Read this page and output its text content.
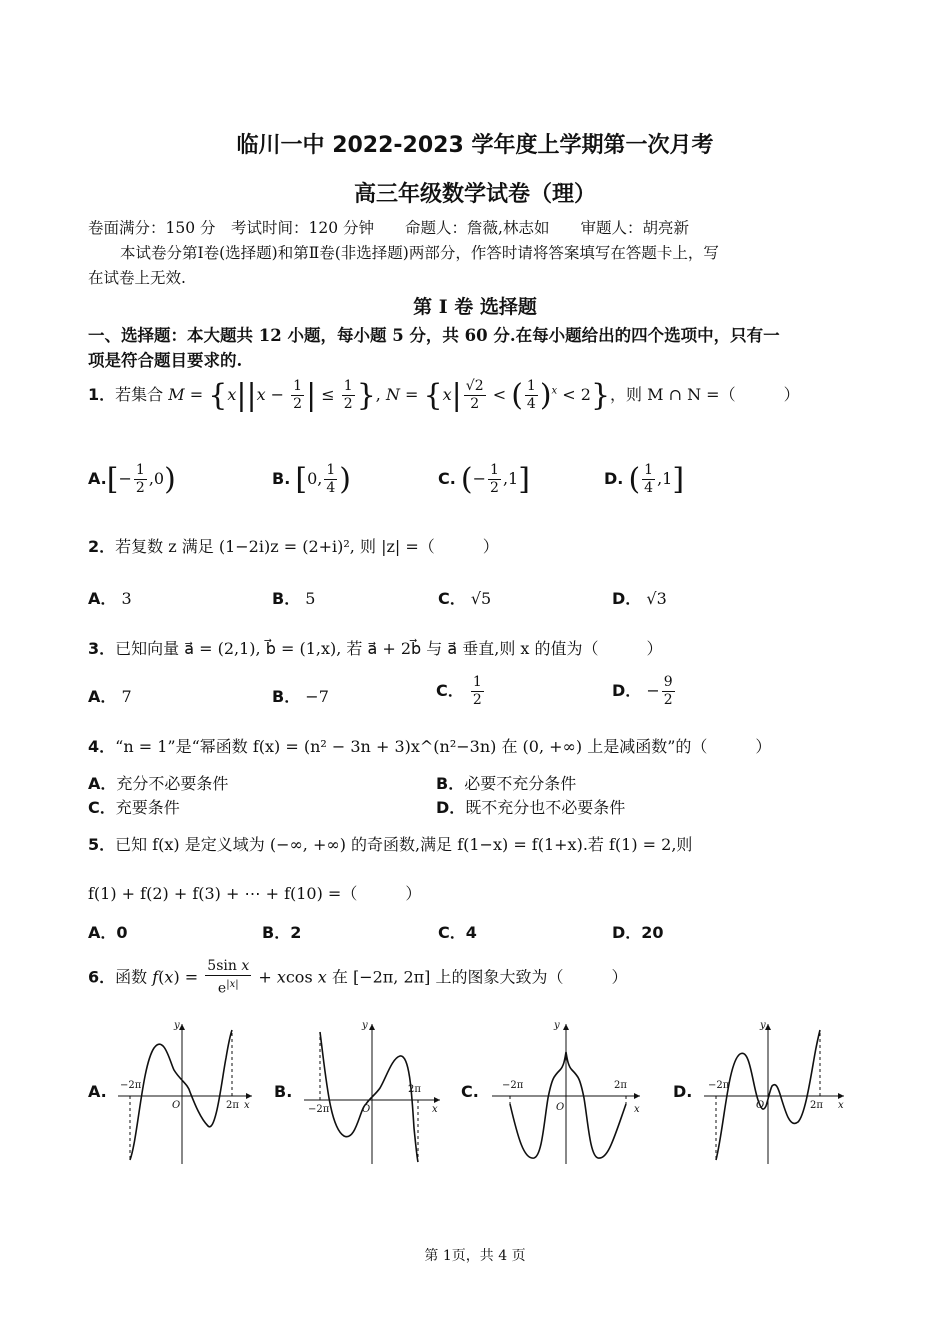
临川一中 2022-2023 学年度上学期第一次月考
高三年级数学试卷（理）
卷面满分：150 分　考试时间：120 分钟　　命题人：詹薇,林志如　　审题人：胡亮新
本试卷分第Ⅰ卷(选择题)和第Ⅱ卷(非选择题)两部分，作答时请将答案填写在答题卡上，写
在试卷上无效.
第 I 卷 选择题
一、选择题：本大题共 12 小题，每小题 5 分，共 60 分.在每小题给出的四个选项中，只有一
项是符合题目要求的.
1．若集合 $M = \{x||x - \frac{1}{2}$ | ≤ $\frac{1}{2}$ }, $N = \{x| \frac{√2}{2}$ < ( $\frac{1}{4} )^x < 2$}，则 M ∩ N =（　　　）
$A.[- \frac{1}{2} ,0)$	B. [0, $\frac{1}{4}$ )	C. (− $\frac{1}{2} ,1$]	D. ( $\frac{1}{4} ,1$]
2．若复数 z 满足 (1−2i)z = (2+i)², 则 |z| =（　　　）
A． 3	B． 5	C． √5	D． √3
3．已知向量 a⃗ = (2,1), b⃗ = (1,x), 若 a⃗ + 2b⃗ 与 a⃗ 垂直,则 x 的值为（　　　）
A． 7	B． −7	C． $\frac{1}{2}$	D． − $\frac{9}{2}$
4．“n = 1”是“幂函数 f(x) = (n² − 3n + 3)x^(n²−3n) 在 (0, +∞) 上是减函数”的（　　　）
A．充分不必要条件	B．必要不充分条件
C．充要条件	D．既不充分也不必要条件
5．已知 f(x) 是定义域为 (−∞, +∞) 的奇函数,满足 f(1−x) = f(1+x).若 f(1) = 2,则
f(1) + f(2) + f(3) + ⋯ + f(10) =（　　　）
A．0	B．2	C．4	D．20
6．函数 $f(x) = \frac{\text{5sin x}}{e^{|x|}} + xcos$ x 在 [−2π, 2π] 上的图象大致为（　　　）
A.	B.	C.	D.
y
x
O
−2π
2π
y
x
O
−2π
2π
y
x
O
−2π	2π
y
x
O
−2π
2π
第 1页，共 4 页
